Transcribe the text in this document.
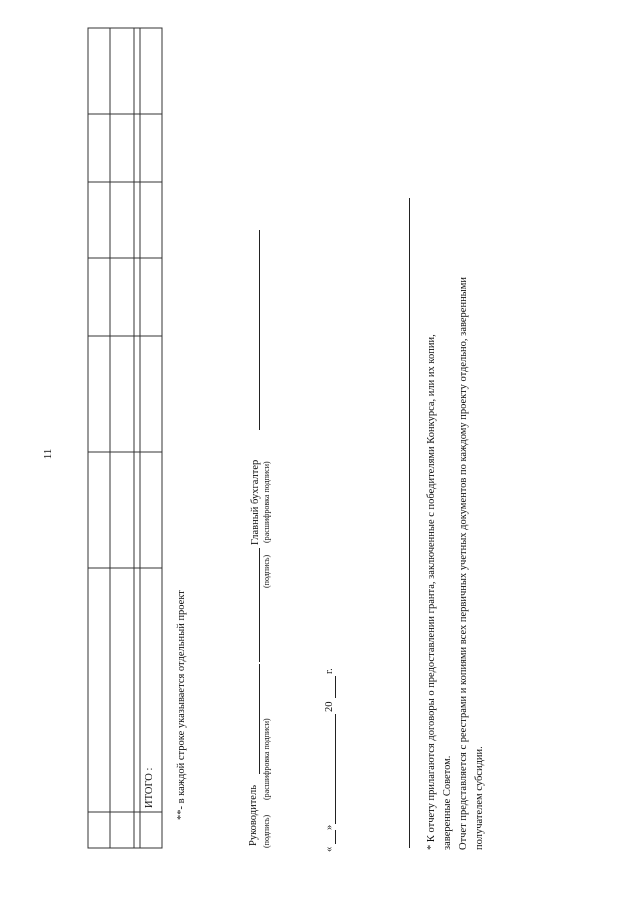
11
ИТОГО : **- в каждой строке указывается отдельный проект	Руководитель (подпись)
(расшифровка подписи)
(подпись)
Главный бухгалтер (расшифровка подписи)
«
»
20
г.	* К отчету прилагаются договоры о предоставлении гранта, заключенные с победителями Конкурса, или их копии, заверенные Советом. Отчет представляется с реестрами и копиями всех первичных учетных документов по каждому проекту отдельно, заверенными получателем субсидии.
